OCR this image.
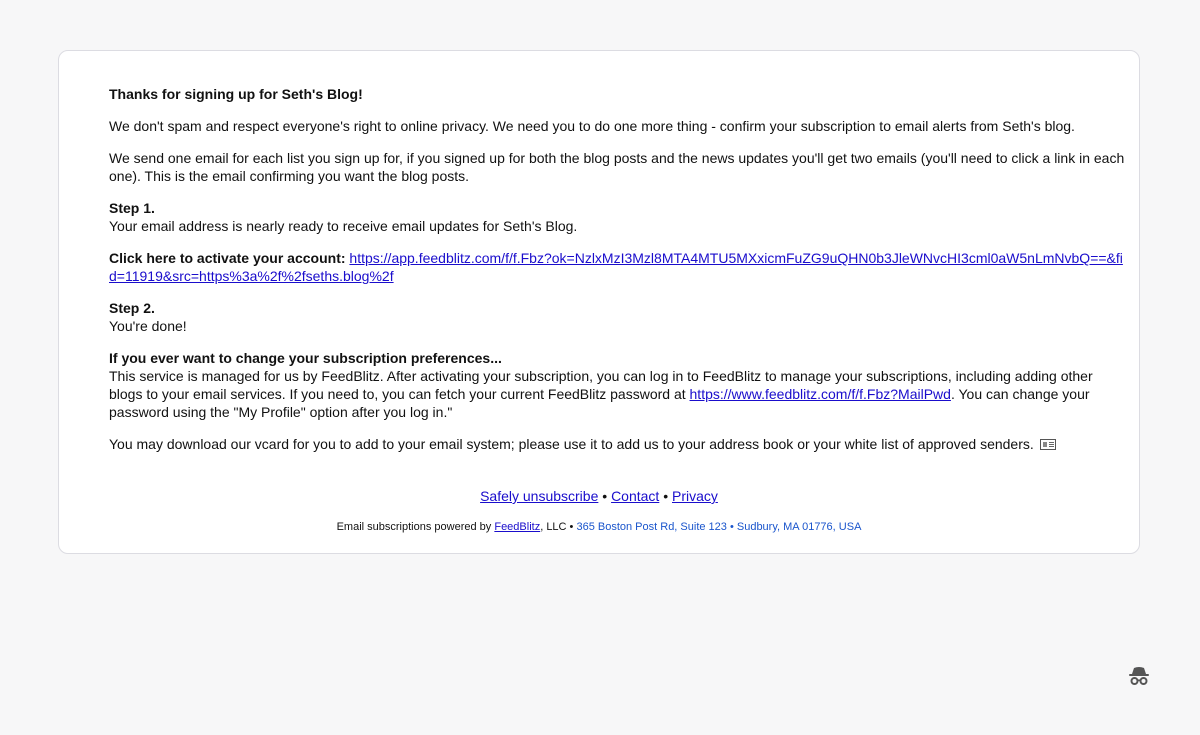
Thanks for signing up for Seth's Blog!

We don't spam and respect everyone's right to online privacy. We need you to do one more thing - confirm your subscription to email alerts from Seth's blog.

We send one email for each list you sign up for, if you signed up for both the blog posts and the news updates you'll get two emails (you'll need to click a link in each one). This is the email confirming you want the blog posts.

Step 1.
Your email address is nearly ready to receive email updates for Seth's Blog.

Click here to activate your account: https://app.feedblitz.com/f/f.Fbz?ok=NzlxMzI3Mzl8MTA4MTU5MXxicmFuZG9uQHN0b3JleWNvcHI3cml0aW5nLmNvbQ==&fid=11919&src=https%3a%2f%2fseths.blog%2f

Step 2.
You're done!

If you ever want to change your subscription preferences...
This service is managed for us by FeedBlitz. After activating your subscription, you can log in to FeedBlitz to manage your subscriptions, including adding other blogs to your email services. If you need to, you can fetch your current FeedBlitz password at https://www.feedblitz.com/f/f.Fbz?MailPwd. You can change your password using the "My Profile" option after you log in."

You may download our vcard for you to add to your email system; please use it to add us to your address book or your white list of approved senders.

Safely unsubscribe • Contact • Privacy
Email subscriptions powered by FeedBlitz, LLC • 365 Boston Post Rd, Suite 123 • Sudbury, MA 01776, USA
